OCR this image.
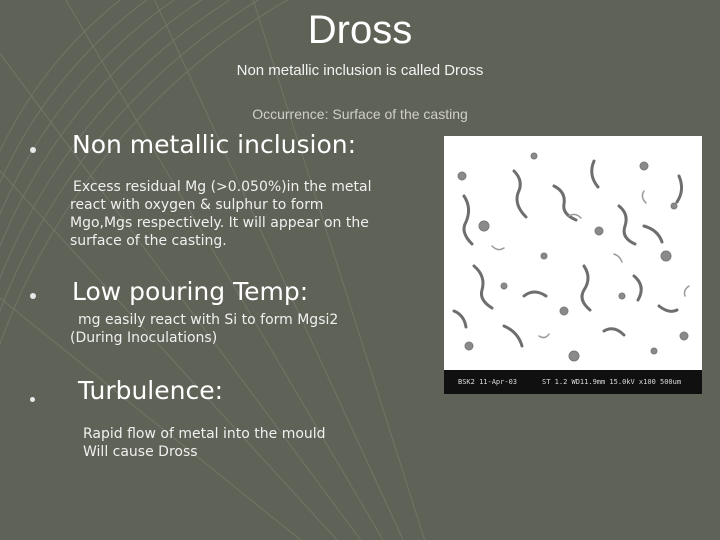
Dross
Non metallic inclusion is called Dross
Occurrence: Surface of the casting
Non metallic inclusion:
Excess residual Mg (>0.050%)in the metal
react with oxygen & sulphur to form
Mgo,Mgs respectively. It will appear on the
surface of the casting.
Low pouring Temp:
mg easily react with Si to form Mgsi2
(During Inoculations)
Turbulence:
Rapid flow of metal into the mould
Will cause Dross
BSK2 11-Apr-03	ST 1.2 WD11.9mm 15.0kV x100 500um
